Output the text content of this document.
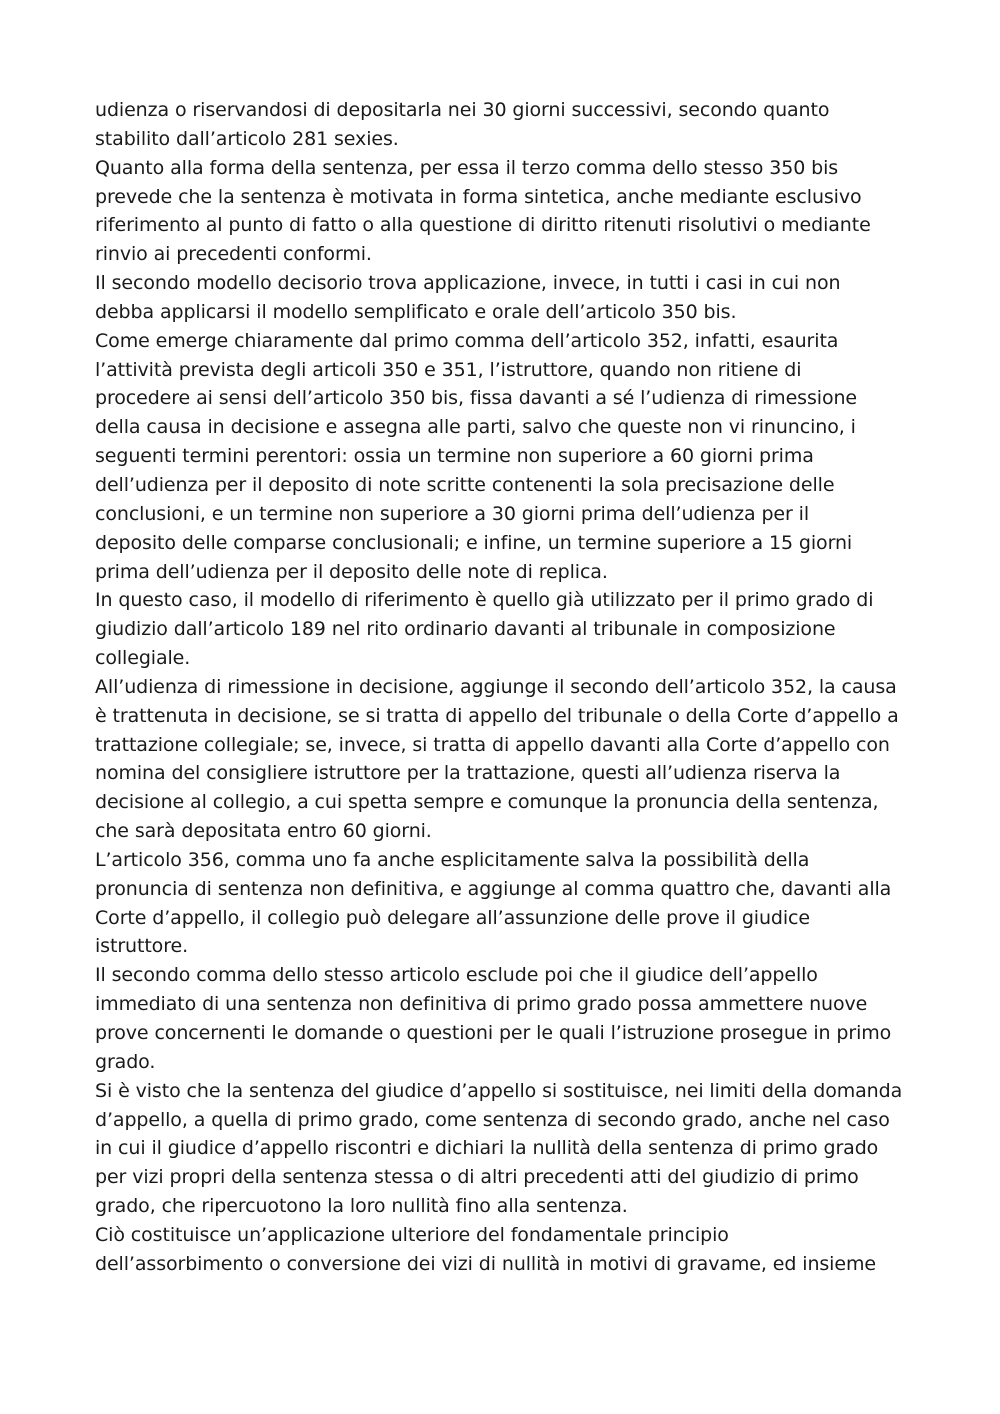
udienza o riservandosi di depositarla nei 30 giorni successivi, secondo quanto
stabilito dall’articolo 281 sexies.
Quanto alla forma della sentenza, per essa il terzo comma dello stesso 350 bis
prevede che la sentenza è motivata in forma sintetica, anche mediante esclusivo
riferimento al punto di fatto o alla questione di diritto ritenuti risolutivi o mediante
rinvio ai precedenti conformi.
Il secondo modello decisorio trova applicazione, invece, in tutti i casi in cui non
debba applicarsi il modello semplificato e orale dell’articolo 350 bis.
Come emerge chiaramente dal primo comma dell’articolo 352, infatti, esaurita
l’attività prevista degli articoli 350 e 351, l’istruttore, quando non ritiene di
procedere ai sensi dell’articolo 350 bis, fissa davanti a sé l’udienza di rimessione
della causa in decisione e assegna alle parti, salvo che queste non vi rinuncino, i
seguenti termini perentori: ossia un termine non superiore a 60 giorni prima
dell’udienza per il deposito di note scritte contenenti la sola precisazione delle
conclusioni, e un termine non superiore a 30 giorni prima dell’udienza per il
deposito delle comparse conclusionali; e infine, un termine superiore a 15 giorni
prima dell’udienza per il deposito delle note di replica.
In questo caso, il modello di riferimento è quello già utilizzato per il primo grado di
giudizio dall’articolo 189 nel rito ordinario davanti al tribunale in composizione
collegiale.
All’udienza di rimessione in decisione, aggiunge il secondo dell’articolo 352, la causa
è trattenuta in decisione, se si tratta di appello del tribunale o della Corte d’appello a
trattazione collegiale; se, invece, si tratta di appello davanti alla Corte d’appello con
nomina del consigliere istruttore per la trattazione, questi all’udienza riserva la
decisione al collegio, a cui spetta sempre e comunque la pronuncia della sentenza,
che sarà depositata entro 60 giorni.
L’articolo 356, comma uno fa anche esplicitamente salva la possibilità della
pronuncia di sentenza non definitiva, e aggiunge al comma quattro che, davanti alla
Corte d’appello, il collegio può delegare all’assunzione delle prove il giudice
istruttore.
Il secondo comma dello stesso articolo esclude poi che il giudice dell’appello
immediato di una sentenza non definitiva di primo grado possa ammettere nuove
prove concernenti le domande o questioni per le quali l’istruzione prosegue in primo
grado.
Si è visto che la sentenza del giudice d’appello si sostituisce, nei limiti della domanda
d’appello, a quella di primo grado, come sentenza di secondo grado, anche nel caso
in cui il giudice d’appello riscontri e dichiari la nullità della sentenza di primo grado
per vizi propri della sentenza stessa o di altri precedenti atti del giudizio di primo
grado, che ripercuotono la loro nullità fino alla sentenza.
Ciò costituisce un’applicazione ulteriore del fondamentale principio
dell’assorbimento o conversione dei vizi di nullità in motivi di gravame, ed insieme
